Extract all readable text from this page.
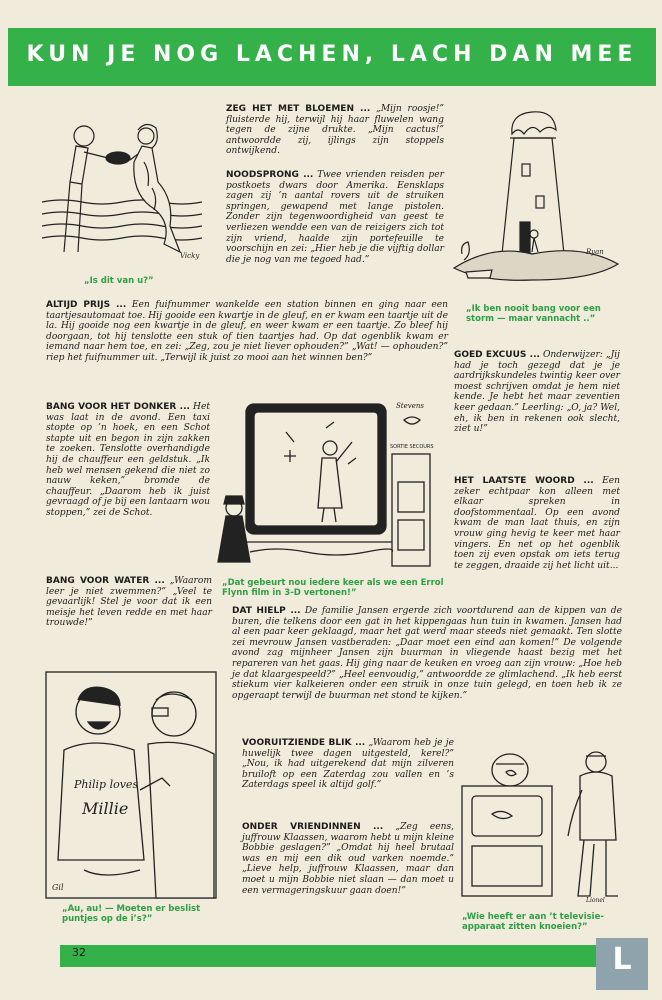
KUN JE NOG LACHEN, LACH DAN MEE
Vicky
„Is dit van u?”
ZEG HET MET BLOEMEN ... „Mijn roosje!” fluisterde hij, terwijl hij haar fluwelen wang tegen de zijne drukte. „Mijn cactus!” antwoordde zij, ijlings zijn stoppels ontwijkend.
NOODSPRONG ... Twee vrienden reisden per postkoets dwars door Amerika. Eensklaps zagen zij ’n aantal rovers uit de struiken springen, gewapend met lange pistolen. Zonder zijn tegenwoordigheid van geest te verliezen wendde een van de reizigers zich tot zijn vriend, haalde zijn portefeuille te voorschijn en zei: „Hier heb je die vijftig dollar die je nog van me tegoed had.”
Ryan
„Ik ben nooit bang voor een storm — maar vannacht ..”
ALTIJD PRIJS ... Een fuifnummer wankelde een station binnen en ging naar een taartjesautomaat toe. Hij gooide een kwartje in de gleuf, en er kwam een taartje uit de la. Hij gooide nog een kwartje in de gleuf, en weer kwam er een taartje. Zo bleef hij doorgaan, tot hij tenslotte een stuk of tien taartjes had. Op dat ogenblik kwam er iemand naar hem toe, en zei: „Zeg, zou je niet liever ophouden?” „Wat! — ophouden?” riep het fuifnummer uit. „Terwijl ik juist zo mooi aan het winnen ben?”	GOED EXCUUS ... Onderwijzer: „Jij had je toch gezegd dat je je aardrijkskundeles twintig keer over moest schrijven omdat je hem niet kende. Je hebt het maar zeventien keer gedaan.” Leerling: „O, ja? Wel, eh, ik ben in rekenen ook slecht, ziet u!”
BANG VOOR HET DONKER ... Het was laat in de avond. Een taxi stopte op ’n hoek, en een Schot stapte uit en begon in zijn zakken te zoeken. Tenslotte overhandigde hij de chauffeur een geldstuk. „Ik heb wel mensen gekend die niet zo nauw keken,” bromde de chauffeur. „Daarom heb ik juist gevraagd of je bij een lantaarn wou stoppen,” zei de Schot.
Stevens
SORTIE SECOURS
„Dat gebeurt nou iedere keer als we een Errol Flynn film in 3-D vertonen!”
HET LAATSTE WOORD ... Een zeker echtpaar kon alleen met elkaar spreken in doofstommentaal. Op een avond kwam de man laat thuis, en zijn vrouw ging hevig te keer met haar vingers. En net op het ogenblik toen zij even opstak om iets terug te zeggen, draaide zij het licht uit...
BANG VOOR WATER ... „Waarom leer je niet zwemmen?” „Veel te gevaarlijk! Stel je voor dat ik een meisje het leven redde en met haar trouwde!”
DAT HIELP ... De familie Jansen ergerde zich voortdurend aan de kippen van de buren, die telkens door een gat in het kippengaas hun tuin in kwamen. Jansen had al een paar keer geklaagd, maar het gat werd maar steeds niet gemaakt. Ten slotte zei mevrouw Jansen vastberaden: „Daar moet een eind aan komen!” De volgende avond zag mijnheer Jansen zijn buurman in vliegende haast bezig met het repareren van het gaas. Hij ging naar de keuken en vroeg aan zijn vrouw: „Hoe heb je dat klaargespeeld?” „Heel eenvoudig,” antwoordde ze glimlachend. „Ik heb eerst stiekum vier kalkeieren onder een struik in onze tuin gelegd, en toen heb ik ze opgeraapt terwijl de buurman net stond te kijken.”
Philip loves
Millie
Gil
„Au, au! — Moeten er beslist puntjes op de i’s?”
VOORUITZIENDE BLIK ... „Waarom heb je je huwelijk twee dagen uitgesteld, kerel?” „Nou, ik had uitgerekend dat mijn zilveren bruiloft op een Zaterdag zou vallen en ’s Zaterdags speel ik altijd golf.”
ONDER VRIENDINNEN ... „Zeg eens, juffrouw Klaassen, waarom hebt u mijn kleine Bobbie geslagen?” „Omdat hij heel brutaal was en mij een dik oud varken noemde.” „Lieve help, juffrouw Klaassen, maar dan moet u mijn Bobbie niet slaan — dan moet u een vermageringskuur gaan doen!”
Lionel
„Wie heeft er aan ’t televisie-apparaat zitten knoeien?”
32	L
